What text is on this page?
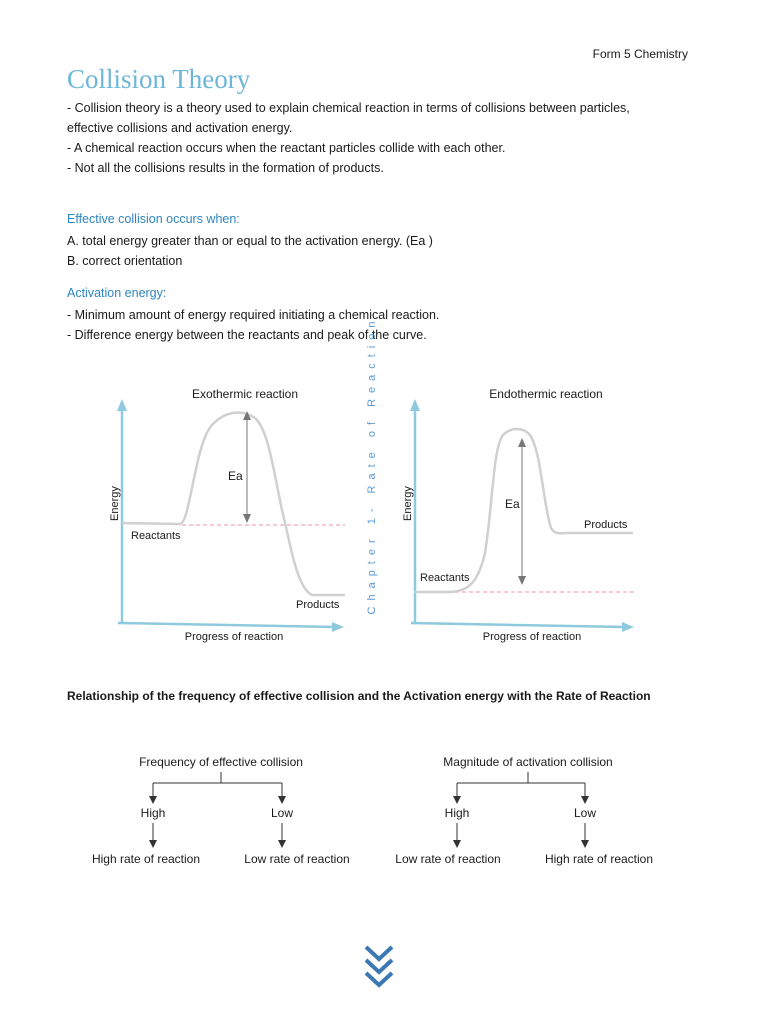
Form 5 Chemistry
Collision Theory
- Collision theory is a theory used to explain chemical reaction in terms of collisions between particles,
effective collisions and activation energy.
- A chemical reaction occurs when the reactant particles collide with each other.
- Not all the collisions results in the formation of products.
Effective collision occurs when:
A. total energy greater than or equal to the activation energy. (Ea )
B. correct orientation
Activation energy:
- Minimum amount of energy required initiating a chemical reaction.
- Difference energy between the reactants and peak of the curve.
Chapter 1- Rate of Reaction
Exothermic reaction
Ea
Reactants
Products
Progress of reaction
Energy
Endothermic reaction
Ea
Reactants
Products
Progress of reaction
Energy
Relationship of the frequency of effective collision and the Activation energy with the Rate of Reaction
Frequency of effective collision
High	Low
High rate of reaction	Low rate of reaction
Magnitude of activation collision
High	Low
Low rate of reaction	High rate of reaction
